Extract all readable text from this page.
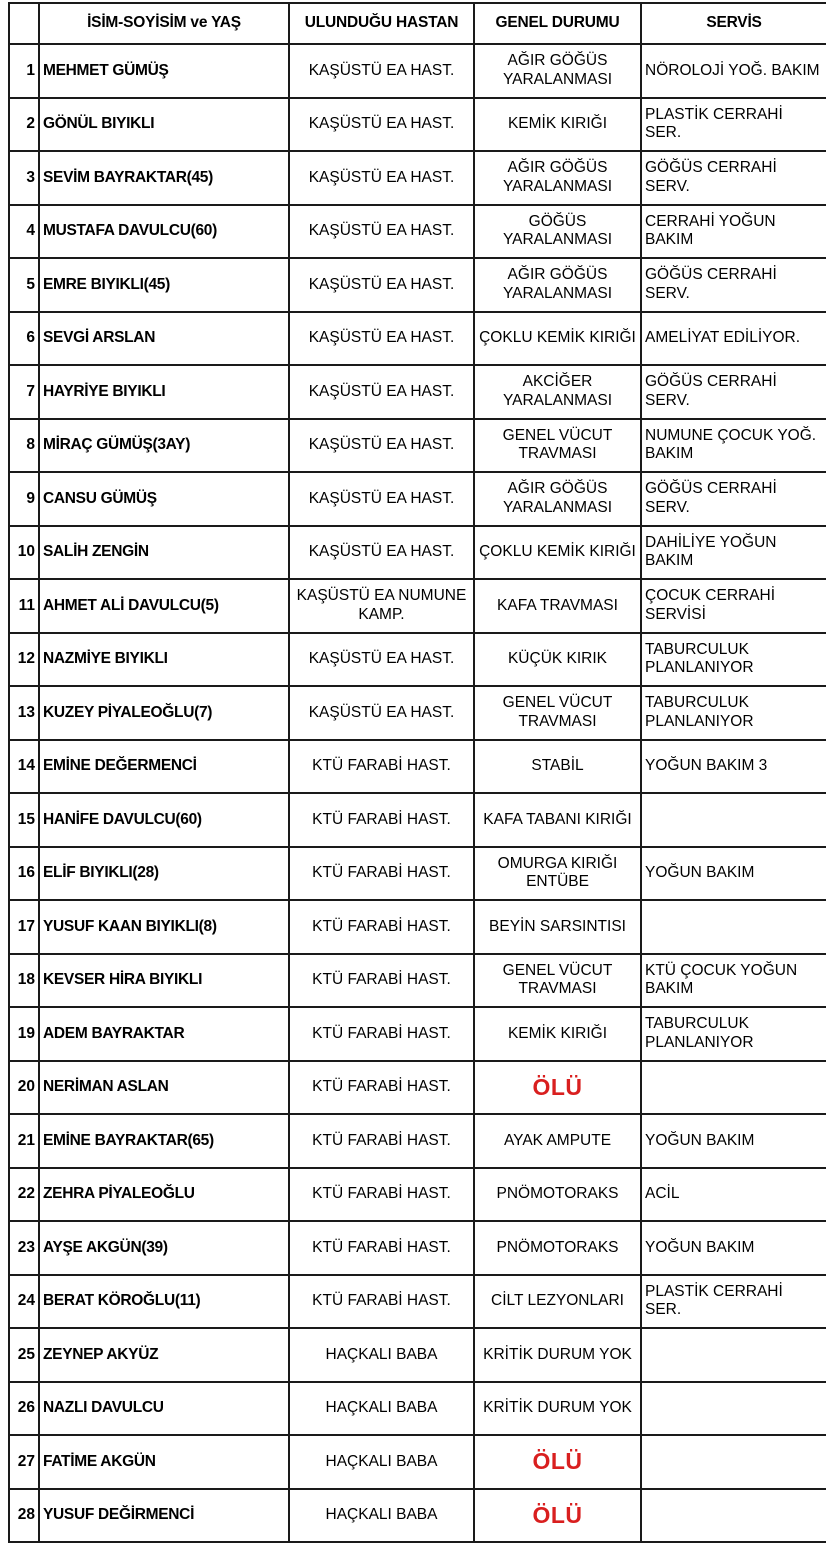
	İSİM-SOYİSİM ve YAŞ	ULUNDUĞU HASTAN	GENEL DURUMU	SERVİS
1	MEHMET GÜMÜŞ	KAŞÜSTÜ EA HAST.	AĞIR GÖĞÜS YARALANMASI	NÖROLOJİ YOĞ. BAKIM
2	GÖNÜL BIYIKLI	KAŞÜSTÜ EA HAST.	KEMİK KIRIĞI	PLASTİK CERRAHİ SER.
3	SEVİM BAYRAKTAR(45)	KAŞÜSTÜ EA HAST.	AĞIR GÖĞÜS YARALANMASI	GÖĞÜS CERRAHİ SERV.
4	MUSTAFA DAVULCU(60)	KAŞÜSTÜ EA HAST.	GÖĞÜS YARALANMASI	CERRAHİ YOĞUN BAKIM
5	EMRE BIYIKLI(45)	KAŞÜSTÜ EA HAST.	AĞIR GÖĞÜS YARALANMASI	GÖĞÜS CERRAHİ SERV.
6	SEVGİ ARSLAN	KAŞÜSTÜ EA HAST.	ÇOKLU KEMİK KIRIĞI	AMELİYAT EDİLİYOR.
7	HAYRİYE BIYIKLI	KAŞÜSTÜ EA HAST.	AKCİĞER YARALANMASI	GÖĞÜS CERRAHİ SERV.
8	MİRAÇ GÜMÜŞ(3AY)	KAŞÜSTÜ EA HAST.	GENEL VÜCUT TRAVMASI	NUMUNE ÇOCUK YOĞ. BAKIM
9	CANSU GÜMÜŞ	KAŞÜSTÜ EA HAST.	AĞIR GÖĞÜS YARALANMASI	GÖĞÜS CERRAHİ SERV.
10	SALİH ZENGİN	KAŞÜSTÜ EA HAST.	ÇOKLU KEMİK KIRIĞI	DAHİLİYE YOĞUN BAKIM
11	AHMET ALİ DAVULCU(5)	KAŞÜSTÜ EA NUMUNE KAMP.	KAFA TRAVMASI	ÇOCUK CERRAHİ SERVİSİ
12	NAZMİYE BIYIKLI	KAŞÜSTÜ EA HAST.	KÜÇÜK KIRIK	TABURCULUK PLANLANIYOR
13	KUZEY PİYALEOĞLU(7)	KAŞÜSTÜ EA HAST.	GENEL VÜCUT TRAVMASI	TABURCULUK PLANLANIYOR
14	EMİNE DEĞERMENCİ	KTÜ FARABİ HAST.	STABİL	YOĞUN BAKIM 3
15	HANİFE DAVULCU(60)	KTÜ FARABİ HAST.	KAFA TABANI KIRIĞI	
16	ELİF BIYIKLI(28)	KTÜ FARABİ HAST.	OMURGA KIRIĞI ENTÜBE	YOĞUN BAKIM
17	YUSUF KAAN BIYIKLI(8)	KTÜ FARABİ HAST.	BEYİN SARSINTISI	
18	KEVSER HİRA BIYIKLI	KTÜ FARABİ HAST.	GENEL VÜCUT TRAVMASI	KTÜ ÇOCUK YOĞUN BAKIM
19	ADEM BAYRAKTAR	KTÜ FARABİ HAST.	KEMİK KIRIĞI	TABURCULUK PLANLANIYOR
20	NERİMAN ASLAN	KTÜ FARABİ HAST.	ÖLÜ	
21	EMİNE BAYRAKTAR(65)	KTÜ FARABİ HAST.	AYAK AMPUTE	YOĞUN BAKIM
22	ZEHRA PİYALEOĞLU	KTÜ FARABİ HAST.	PNÖMOTORAKS	ACİL
23	AYŞE AKGÜN(39)	KTÜ FARABİ HAST.	PNÖMOTORAKS	YOĞUN BAKIM
24	BERAT KÖROĞLU(11)	KTÜ FARABİ HAST.	CİLT LEZYONLARI	PLASTİK CERRAHİ SER.
25	ZEYNEP AKYÜZ	HAÇKALI BABA	KRİTİK DURUM YOK	
26	NAZLI DAVULCU	HAÇKALI BABA	KRİTİK DURUM YOK	
27	FATİME AKGÜN	HAÇKALI BABA	ÖLÜ	
28	YUSUF DEĞİRMENCİ	HAÇKALI BABA	ÖLÜ	
